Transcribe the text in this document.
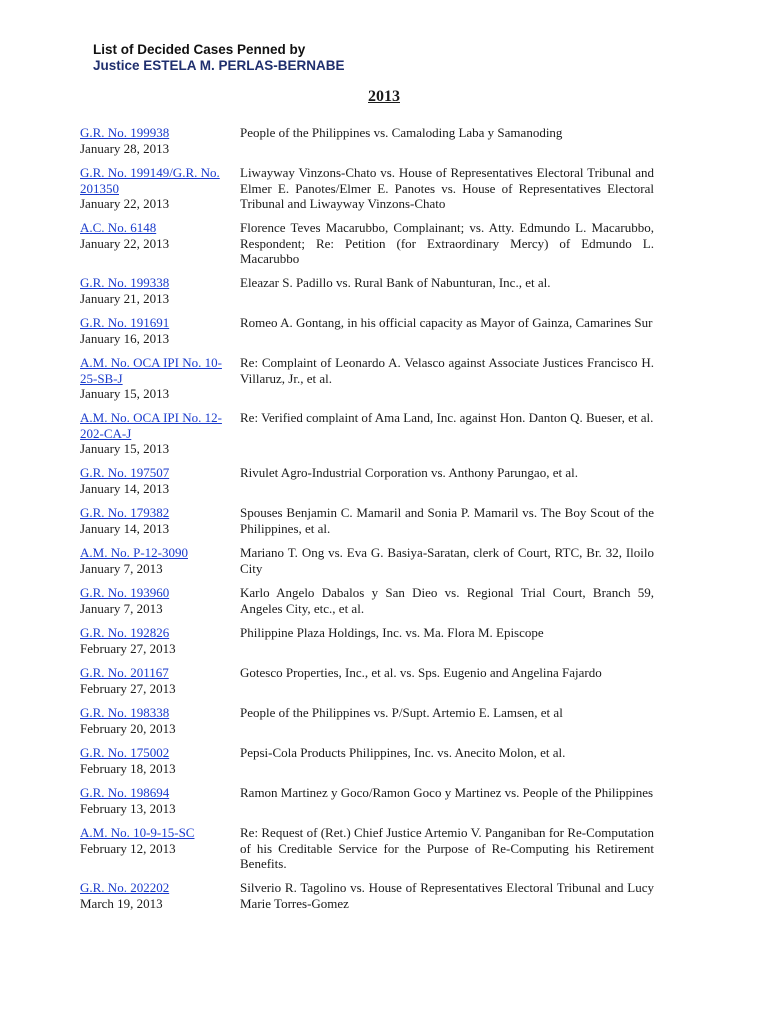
List of Decided Cases Penned by
Justice ESTELA M. PERLAS-BERNABE
2013
G.R. No. 199938
January 28, 2013
People of the Philippines vs. Camaloding Laba y Samanoding
G.R. No. 199149/G.R. No. 201350
January 22, 2013
Liwayway Vinzons-Chato vs. House of Representatives Electoral Tribunal and Elmer E. Panotes/Elmer E. Panotes vs. House of Representatives Electoral Tribunal and Liwayway Vinzons-Chato
A.C. No. 6148
January 22, 2013
Florence Teves Macarubbo, Complainant; vs. Atty. Edmundo L. Macarubbo, Respondent; Re: Petition (for Extraordinary Mercy) of Edmundo L. Macarubbo
G.R. No. 199338
January 21, 2013
Eleazar S. Padillo vs. Rural Bank of Nabunturan, Inc., et al.
G.R. No. 191691
January 16, 2013
Romeo A. Gontang, in his official capacity as Mayor of Gainza, Camarines Sur
A.M. No. OCA IPI No. 10-25-SB-J
January 15, 2013
Re: Complaint of Leonardo A. Velasco against Associate Justices Francisco H. Villaruz, Jr., et al.
A.M. No. OCA IPI No. 12-202-CA-J
January 15, 2013
Re: Verified complaint of Ama Land, Inc. against Hon. Danton Q. Bueser, et al.
G.R. No. 197507
January 14, 2013
Rivulet Agro-Industrial Corporation vs. Anthony Parungao, et al.
G.R. No. 179382
January 14, 2013
Spouses Benjamin C. Mamaril and Sonia P. Mamaril vs. The Boy Scout of the Philippines, et al.
A.M. No. P-12-3090
January 7, 2013
Mariano T. Ong vs. Eva G. Basiya-Saratan, clerk of Court, RTC, Br. 32, Iloilo City
G.R. No. 193960
January 7, 2013
Karlo Angelo Dabalos y San Dieo vs. Regional Trial Court, Branch 59, Angeles City, etc., et al.
G.R. No. 192826
February 27, 2013
Philippine Plaza Holdings, Inc. vs. Ma. Flora M. Episcope
G.R. No. 201167
February 27, 2013
Gotesco Properties, Inc., et al. vs. Sps. Eugenio and Angelina Fajardo
G.R. No. 198338
February 20, 2013
People of the Philippines vs. P/Supt. Artemio E. Lamsen, et al
G.R. No. 175002
February 18, 2013
Pepsi-Cola Products Philippines, Inc. vs. Anecito Molon, et al.
G.R. No. 198694
February 13, 2013
Ramon Martinez y Goco/Ramon Goco y Martinez vs. People of the Philippines
A.M. No. 10-9-15-SC
February 12, 2013
Re: Request of (Ret.) Chief Justice Artemio V. Panganiban for Re-Computation of his Creditable Service for the Purpose of Re-Computing his Retirement Benefits.
G.R. No. 202202
March 19, 2013
Silverio R. Tagolino vs. House of Representatives Electoral Tribunal and Lucy Marie Torres-Gomez
